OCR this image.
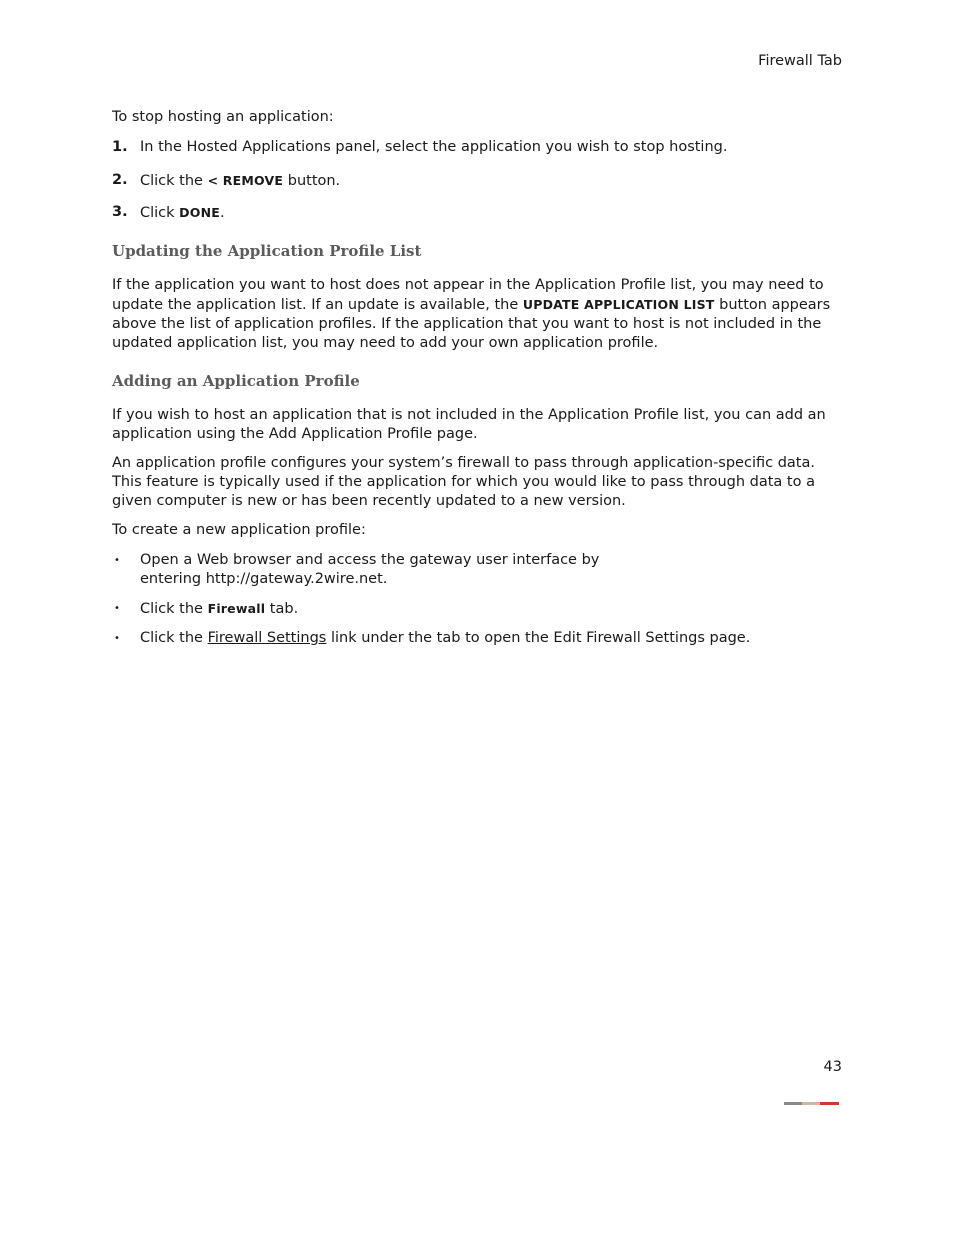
Firewall Tab

To stop hosting an application:

1. In the Hosted Applications panel, select the application you wish to stop hosting.
2. Click the < REMOVE button.
3. Click DONE.
Updating the Application Profile List

If the application you want to host does not appear in the Application Profile list, you may need to update the application list. If an update is available, the UPDATE APPLICATION LIST button appears above the list of application profiles. If the application that you want to host is not included in the updated application list, you may need to add your own application profile.

Adding an Application Profile

If you wish to host an application that is not included in the Application Profile list, you can add an application using the Add Application Profile page.

An application profile configures your system’s firewall to pass through application-specific data. This feature is typically used if the application for which you would like to pass through data to a given computer is new or has been recently updated to a new version.

To create a new application profile:

• Open a Web browser and access the gateway user interface by entering http://gateway.2wire.net.
• Click the Firewall tab.
• Click the Firewall Settings link under the tab to open the Edit Firewall Settings page.
43
